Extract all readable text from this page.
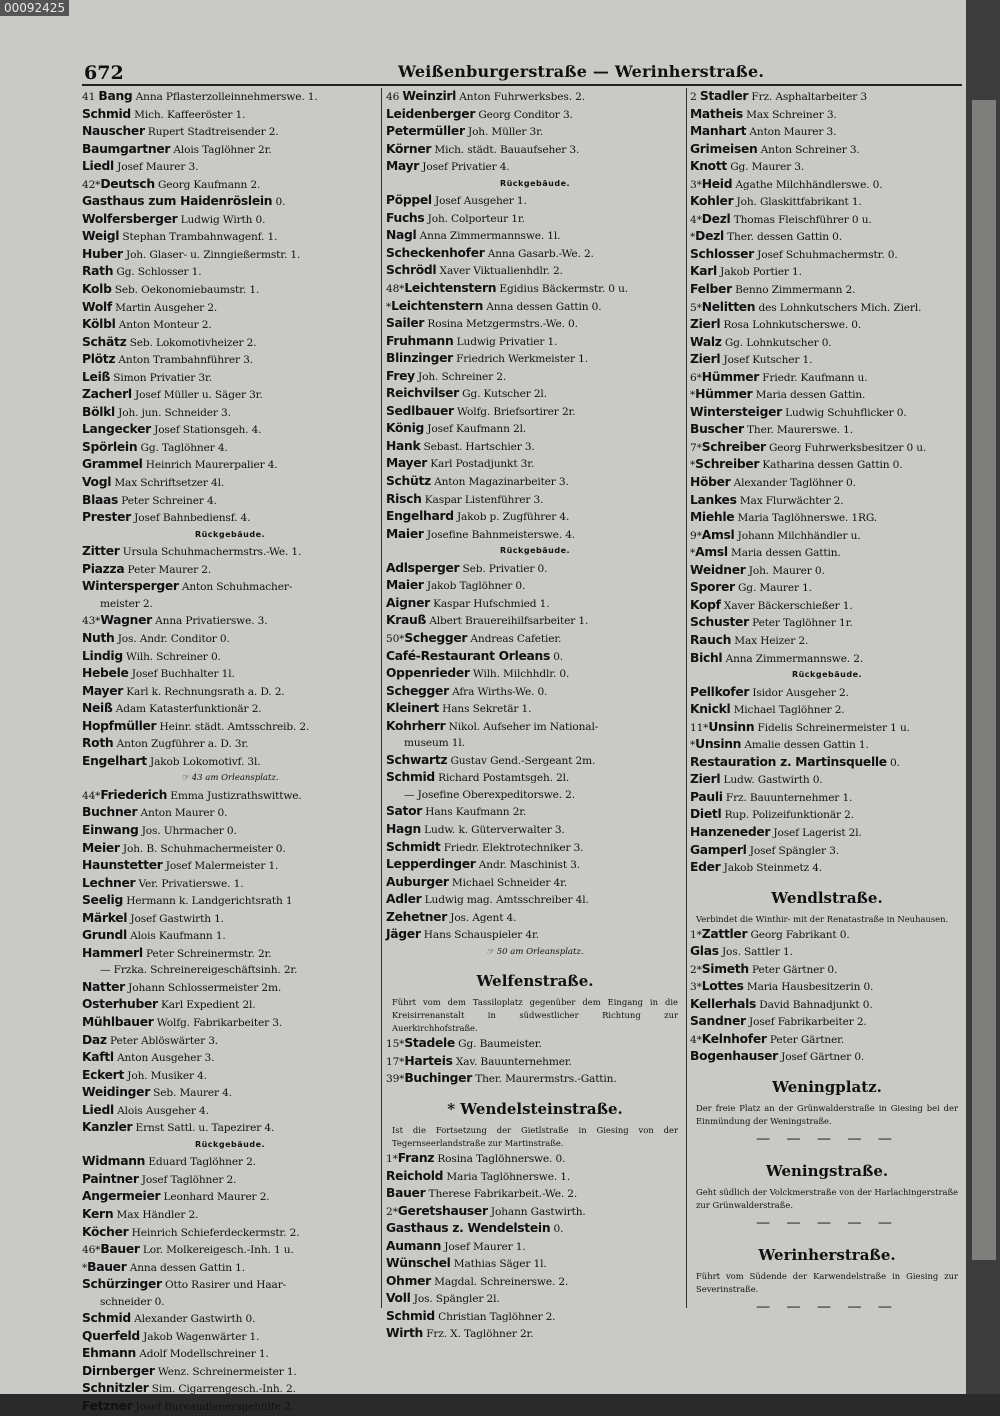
00092425
672	Weißenburgerstraße — Werinherstraße.
41 Bang Anna Pflasterzolleinnehmerswe. 1.
Schmid Mich. Kaffeeröster 1.
Nauscher Rupert Stadtreisender 2.
Baumgartner Alois Taglöhner 2r.
Liedl Josef Maurer 3.
42*Deutsch Georg Kaufmann 2.
Gasthaus zum Haidenröslein 0.
Wolfersberger Ludwig Wirth 0.
Weigl Stephan Trambahnwagenf. 1.
Huber Joh. Glaser- u. Zinngießermstr. 1.
Rath Gg. Schlosser 1.
Kolb Seb. Oekonomiebaumstr. 1.
Wolf Martin Ausgeher 2.
Kölbl Anton Monteur 2.
Schätz Seb. Lokomotivheizer 2.
Plötz Anton Trambahnführer 3.
Leiß Simon Privatier 3r.
Zacherl Josef Müller u. Säger 3r.
Bölkl Joh. jun. Schneider 3.
Langecker Josef Stationsgeh. 4.
Spörlein Gg. Taglöhner 4.
Grammel Heinrich Maurerpalier 4.
Vogl Max Schriftsetzer 4l.
Blaas Peter Schreiner 4.
Prester Josef Bahnbediensf. 4.
Rückgebäude.
Zitter Ursula Schuhmachermstrs.-We. 1.
Piazza Peter Maurer 2.
Wintersperger Anton Schuhmacher-
meister 2.
43*Wagner Anna Privatierswe. 3.
Nuth Jos. Andr. Conditor 0.
Lindig Wilh. Schreiner 0.
Hebele Josef Buchhalter 1l.
Mayer Karl k. Rechnungsrath a. D. 2.
Neiß Adam Katasterfunktionär 2.
Hopfmüller Heinr. städt. Amtsschreib. 2.
Roth Anton Zugführer a. D. 3r.
Engelhart Jakob Lokomotivf. 3l.
☞ 43 am Orleansplatz.
44*Friederich Emma Justizrathswittwe.
Buchner Anton Maurer 0.
Einwang Jos. Uhrmacher 0.
Meier Joh. B. Schuhmachermeister 0.
Haunstetter Josef Malermeister 1.
Lechner Ver. Privatierswe. 1.
Seelig Hermann k. Landgerichtsrath 1
Märkel Josef Gastwirth 1.
Grundl Alois Kaufmann 1.
Hammerl Peter Schreinermstr. 2r.
— Frzka. Schreinereigeschäftsinh. 2r.
Natter Johann Schlossermeister 2m.
Osterhuber Karl Expedient 2l.
Mühlbauer Wolfg. Fabrikarbeiter 3.
Daz Peter Ablöswärter 3.
Kaftl Anton Ausgeher 3.
Eckert Joh. Musiker 4.
Weidinger Seb. Maurer 4.
Liedl Alois Ausgeher 4.
Kanzler Ernst Sattl. u. Tapezirer 4.
Rückgebäude.
Widmann Eduard Taglöhner 2.
Paintner Josef Taglöhner 2.
Angermeier Leonhard Maurer 2.
Kern Max Händler 2.
Köcher Heinrich Schieferdeckermstr. 2.
46*Bauer Lor. Molkereigesch.-Inh. 1 u.
*Bauer Anna dessen Gattin 1.
Schürzinger Otto Rasirer und Haar-
schneider 0.
Schmid Alexander Gastwirth 0.
Querfeld Jakob Wagenwärter 1.
Ehmann Adolf Modellschreiner 1.
Dirnberger Wenz. Schreinermeister 1.
Schnitzler Sim. Cigarrengesch.-Inh. 2.
Fetzner Josef Bureaudienersgehülfe 2.
46 Weinzirl Anton Fuhrwerksbes. 2.
Leidenberger Georg Conditor 3.
Petermüller Joh. Müller 3r.
Körner Mich. städt. Bauaufseher 3.
Mayr Josef Privatier 4.
Rückgebäude.
Pöppel Josef Ausgeher 1.
Fuchs Joh. Colporteur 1r.
Nagl Anna Zimmermannswe. 1l.
Scheckenhofer Anna Gasarb.-We. 2.
Schrödl Xaver Viktualienhdlr. 2.
48*Leichtenstern Egidius Bäckermstr. 0 u.
*Leichtenstern Anna dessen Gattin 0.
Sailer Rosina Metzgermstrs.-We. 0.
Fruhmann Ludwig Privatier 1.
Blinzinger Friedrich Werkmeister 1.
Frey Joh. Schreiner 2.
Reichvilser Gg. Kutscher 2l.
Sedlbauer Wolfg. Briefsortirer 2r.
König Josef Kaufmann 2l.
Hank Sebast. Hartschier 3.
Mayer Karl Postadjunkt 3r.
Schütz Anton Magazinarbeiter 3.
Risch Kaspar Listenführer 3.
Engelhard Jakob p. Zugführer 4.
Maier Josefine Bahnmeisterswe. 4.
Rückgebäude.
Adlsperger Seb. Privatier 0.
Maier Jakob Taglöhner 0.
Aigner Kaspar Hufschmied 1.
Krauß Albert Brauereihilfsarbeiter 1.
50*Schegger Andreas Cafetier.
Café-Restaurant Orleans 0.
Oppenrieder Wilh. Milchhdlr. 0.
Schegger Afra Wirths-We. 0.
Kleinert Hans Sekretär 1.
Kohrherr Nikol. Aufseher im National-
museum 1l.
Schwartz Gustav Gend.-Sergeant 2m.
Schmid Richard Postamtsgeh. 2l.
— Josefine Oberexpeditorswe. 2.
Sator Hans Kaufmann 2r.
Hagn Ludw. k. Güterverwalter 3.
Schmidt Friedr. Elektrotechniker 3.
Lepperdinger Andr. Maschinist 3.
Auburger Michael Schneider 4r.
Adler Ludwig mag. Amtsschreiber 4l.
Zehetner Jos. Agent 4.
Jäger Hans Schauspieler 4r.
☞ 50 am Orleansplatz.
Welfenstraße.
Führt vom dem Tassiloplatz gegenüber dem Eingang in die Kreisirrenanstalt in südwestlicher Richtung zur Auerkirchhofstraße.
15*Stadele Gg. Baumeister.
17*Harteis Xav. Bauunternehmer.
39*Buchinger Ther. Maurermstrs.-Gattin.
* Wendelsteinstraße.
Ist die Fortsetzung der Gietlstraße in Giesing von der Tegernseerlandstraße zur Martinstraße.
1*Franz Rosina Taglöhnerswe. 0.
Reichold Maria Taglöhnerswe. 1.
Bauer Therese Fabrikarbeit.-We. 2.
2*Geretshauser Johann Gastwirth.
Gasthaus z. Wendelstein 0.
Aumann Josef Maurer 1.
Wünschel Mathias Säger 1l.
Ohmer Magdal. Schreinerswe. 2.
Voll Jos. Spängler 2l.
Schmid Christian Taglöhner 2.
Wirth Frz. X. Taglöhner 2r.
2 Stadler Frz. Asphaltarbeiter 3
Matheis Max Schreiner 3.
Manhart Anton Maurer 3.
Grimeisen Anton Schreiner 3.
Knott Gg. Maurer 3.
3*Heid Agathe Milchhändlerswe. 0.
Kohler Joh. Glaskittfabrikant 1.
4*Dezl Thomas Fleischführer 0 u.
*Dezl Ther. dessen Gattin 0.
Schlosser Josef Schuhmachermstr. 0.
Karl Jakob Portier 1.
Felber Benno Zimmermann 2.
5*Nelitten des Lohnkutschers Mich. Zierl.
Zierl Rosa Lohnkutscherswe. 0.
Walz Gg. Lohnkutscher 0.
Zierl Josef Kutscher 1.
6*Hümmer Friedr. Kaufmann u.
*Hümmer Maria dessen Gattin.
Wintersteiger Ludwig Schuhflicker 0.
Buscher Ther. Maurerswe. 1.
7*Schreiber Georg Fuhrwerksbesitzer 0 u.
*Schreiber Katharina dessen Gattin 0.
Höber Alexander Taglöhner 0.
Lankes Max Flurwächter 2.
Miehle Maria Taglöhnerswe. 1RG.
9*Amsl Johann Milchhändler u.
*Amsl Maria dessen Gattin.
Weidner Joh. Maurer 0.
Sporer Gg. Maurer 1.
Kopf Xaver Bäckerschießer 1.
Schuster Peter Taglöhner 1r.
Rauch Max Heizer 2.
Bichl Anna Zimmermannswe. 2.
Rückgebäude.
Pellkofer Isidor Ausgeher 2.
Knickl Michael Taglöhner 2.
11*Unsinn Fidelis Schreinermeister 1 u.
*Unsinn Amalie dessen Gattin 1.
Restauration z. Martinsquelle 0.
Zierl Ludw. Gastwirth 0.
Pauli Frz. Bauunternehmer 1.
Dietl Rup. Polizeifunktionär 2.
Hanzeneder Josef Lagerist 2l.
Gamperl Josef Spängler 3.
Eder Jakob Steinmetz 4.
Wendlstraße.
Verbindet die Winthir- mit der Renatastraße in Neuhausen.
1*Zattler Georg Fabrikant 0.
Glas Jos. Sattler 1.
2*Simeth Peter Gärtner 0.
3*Lottes Maria Hausbesitzerin 0.
Kellerhals David Bahnadjunkt 0.
Sandner Josef Fabrikarbeiter 2.
4*Kelnhofer Peter Gärtner.
Bogenhauser Josef Gärtner 0.
Weningplatz.
Der freie Platz an der Grünwalderstraße in Giesing bei der Einmündung der Weningstraße.
— — — — —
Weningstraße.
Geht südlich der Volckmerstraße von der Harlachingerstraße zur Grünwalderstraße.
— — — — —
Werinherstraße.
Führt vom Südende der Karwendelstraße in Giesing zur Severinstraße.
— — — — —
